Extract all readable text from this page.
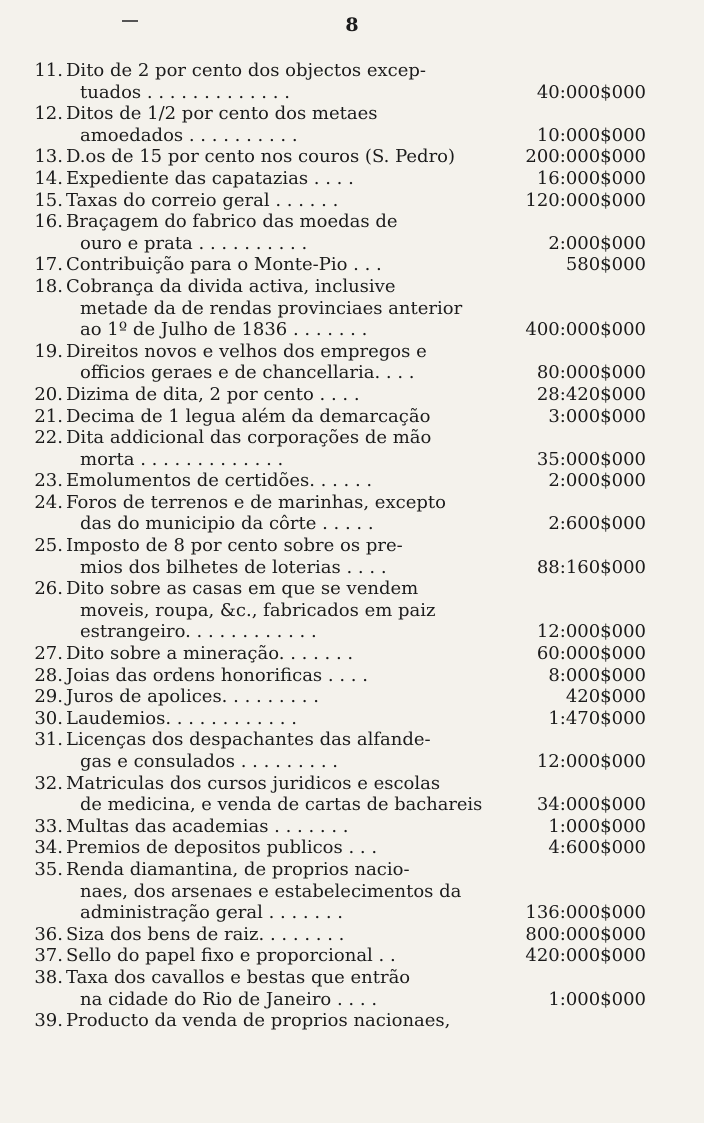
8
11. Dito de 2 por cento dos objectos excep-
tuados . . . . . . . . . . . . .	40:000$000
12. Ditos de 1/2 por cento dos metaes
amoedados . . . . . . . . . .	10:000$000
13. D.os de 15 por cento nos couros (S. Pedro)	200:000$000
14. Expediente das capatazias . . . .	16:000$000
15. Taxas do correio geral . . . . . .	120:000$000
16. Braçagem do fabrico das moedas de
ouro e prata . . . . . . . . . .	2:000$000
17. Contribuição para o Monte-Pio . . .	580$000
18. Cobrança da divida activa, inclusive
metade da de rendas provinciaes anterior
ao 1º de Julho de 1836 . . . . . . .	400:000$000
19. Direitos novos e velhos dos empregos e
officios geraes e de chancellaria. . . .	80:000$000
20. Dizima de dita, 2 por cento . . . .	28:420$000
21. Decima de 1 legua além da demarcação	3:000$000
22. Dita addicional das corporações de mão
morta . . . . . . . . . . . . .	35:000$000
23. Emolumentos de certidões. . . . . .	2:000$000
24. Foros de terrenos e de marinhas, excepto
das do municipio da côrte . . . . .	2:600$000
25. Imposto de 8 por cento sobre os pre-
mios dos bilhetes de loterias . . . .	88:160$000
26. Dito sobre as casas em que se vendem
moveis, roupa, &c., fabricados em paiz
estrangeiro. . . . . . . . . . . .	12:000$000
27. Dito sobre a mineração. . . . . . .	60:000$000
28. Joias das ordens honorificas . . . .	8:000$000
29. Juros de apolices. . . . . . . . .	420$000
30. Laudemios. . . . . . . . . . . .	1:470$000
31. Licenças dos despachantes das alfande-
gas e consulados . . . . . . . . .	12:000$000
32. Matriculas dos cursos juridicos e escolas
de medicina, e venda de cartas de bachareis	34:000$000
33. Multas das academias . . . . . . .	1:000$000
34. Premios de depositos publicos . . .	4:600$000
35. Renda diamantina, de proprios nacio-
naes, dos arsenaes e estabelecimentos da
administração geral . . . . . . .	136:000$000
36. Siza dos bens de raiz. . . . . . . .	800:000$000
37. Sello do papel fixo e proporcional . .	420:000$000
38. Taxa dos cavallos e bestas que entrão
na cidade do Rio de Janeiro . . . .	1:000$000
39. Producto da venda de proprios nacionaes,
